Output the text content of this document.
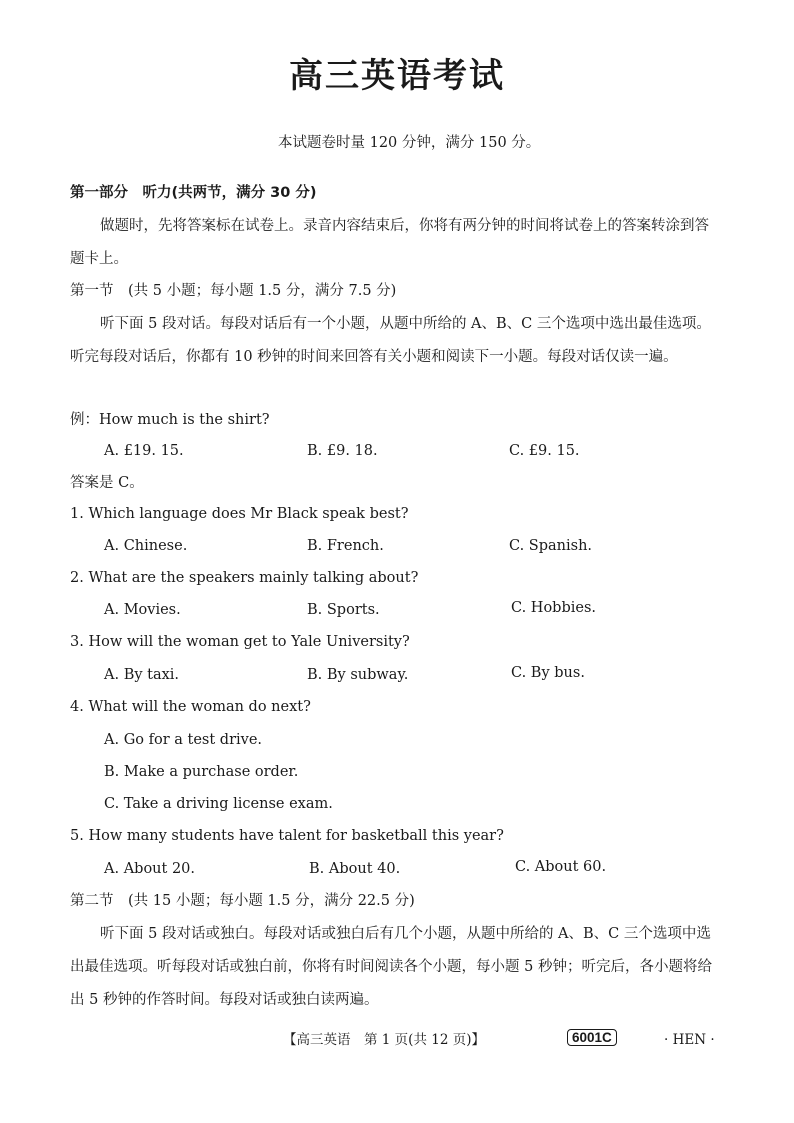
高三英语考试
本试题卷时量 120 分钟，满分 150 分。
第一部分　听力(共两节，满分 30 分)
做题时，先将答案标在试卷上。录音内容结束后，你将有两分钟的时间将试卷上的答案转涂到答题卡上。
第一节　(共 5 小题；每小题 1.5 分，满分 7.5 分)
听下面 5 段对话。每段对话后有一个小题，从题中所给的 A、B、C 三个选项中选出最佳选项。听完每段对话后，你都有 10 秒钟的时间来回答有关小题和阅读下一小题。每段对话仅读一遍。
例：How much is the shirt?
A. £19. 15.	B. £9. 18.	C. £9. 15.
答案是 C。
1. Which language does Mr Black speak best?
A. Chinese.	B. French.	C. Spanish.
2. What are the speakers mainly talking about?
A. Movies.	B. Sports.	C. Hobbies.
3. How will the woman get to Yale University?
A. By taxi.	B. By subway.	C. By bus.
4. What will the woman do next?
A. Go for a test drive.
B. Make a purchase order.
C. Take a driving license exam.
5. How many students have talent for basketball this year?
A. About 20.	B. About 40.	C. About 60.
第二节　(共 15 小题；每小题 1.5 分，满分 22.5 分)
听下面 5 段对话或独白。每段对话或独白后有几个小题，从题中所给的 A、B、C 三个选项中选出最佳选项。听每段对话或独白前，你将有时间阅读各个小题，每小题 5 秒钟；听完后，各小题将给出 5 秒钟的作答时间。每段对话或独白读两遍。
【高三英语　第 1 页(共 12 页)】	6001C	· HEN ·
